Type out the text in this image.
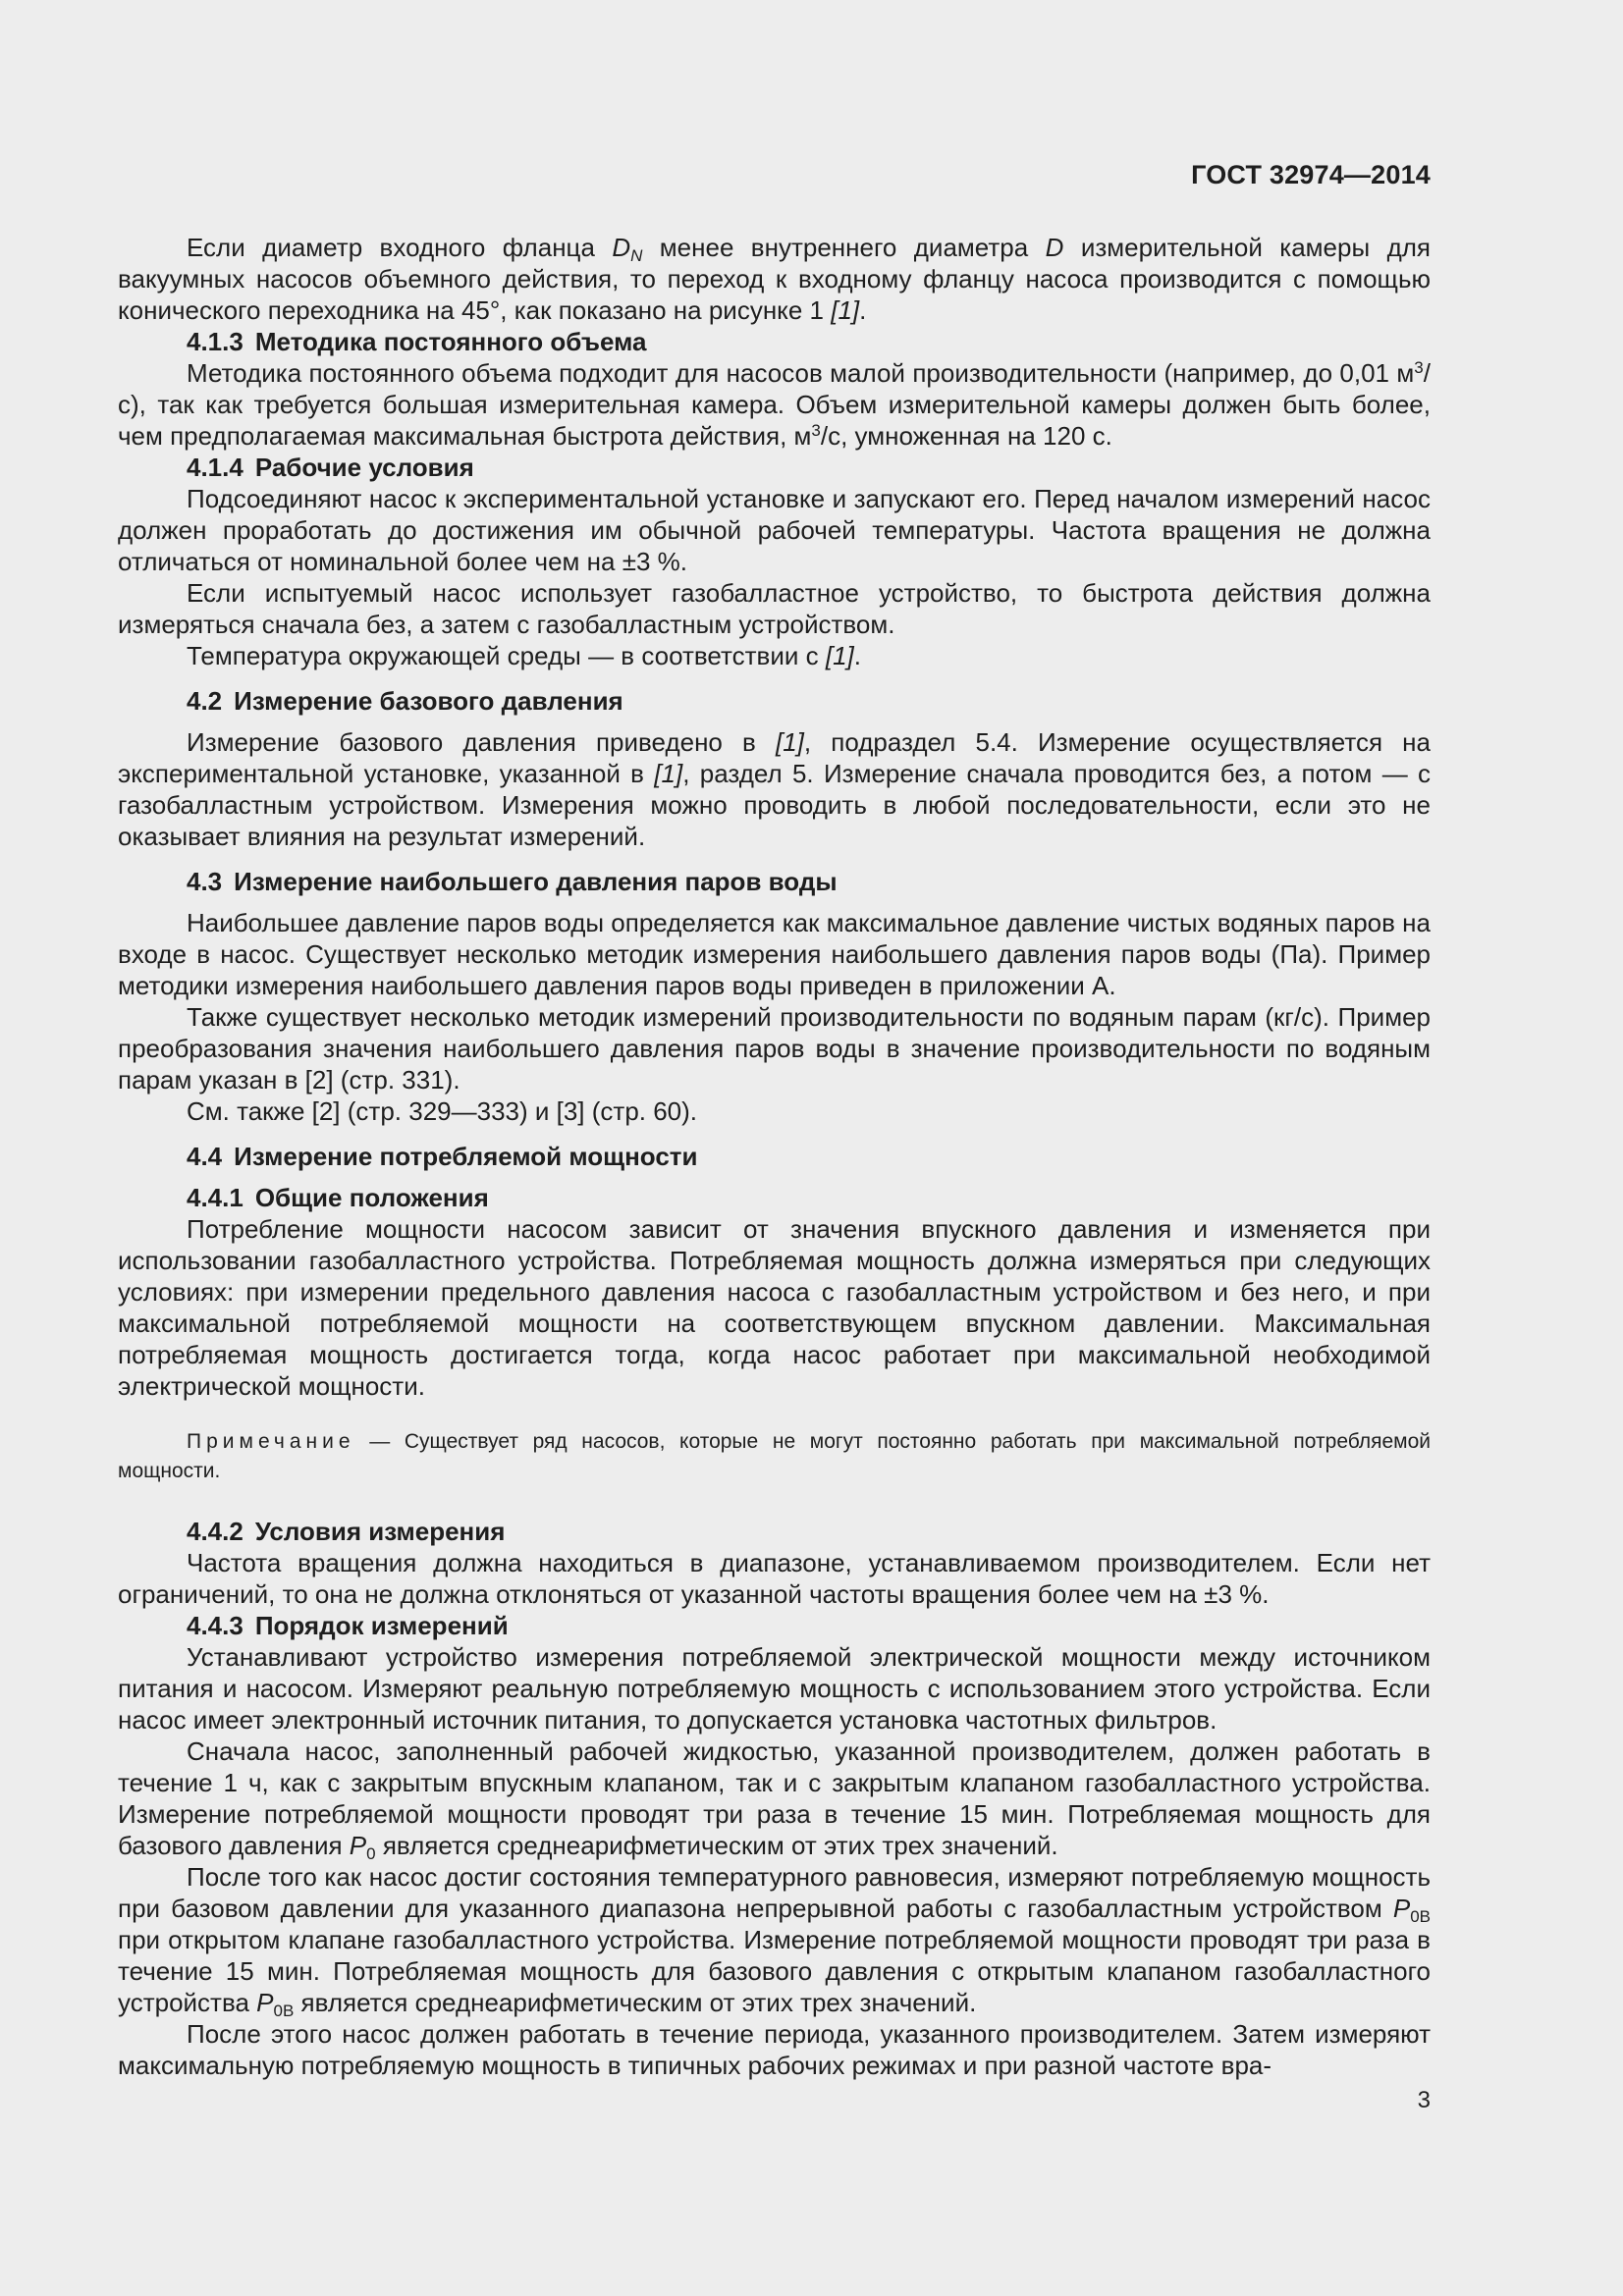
ГОСТ 32974—2014

Если диаметр входного фланца $D_N$ менее внутреннего диаметра D измерительной камеры для вакуумных насосов объемного действия, то переход к входному фланцу насоса производится с помощью конического переходника на 45°, как показано на рисунке 1 [1].

4.1.3 Методика постоянного объема

Методика постоянного объема подходит для насосов малой производительности (например, до 0,01 $м^3/с$), так как требуется большая измерительная камера. Объем измерительной камеры должен быть более, чем предполагаемая максимальная быстрота действия, $м^3/с$, умноженная на 120 с.

4.1.4 Рабочие условия

Подсоединяют насос к экспериментальной установке и запускают его. Перед началом измерений насос должен проработать до достижения им обычной рабочей температуры. Частота вращения не должна отличаться от номинальной более чем на ±3 %.

Если испытуемый насос использует газобалластное устройство, то быстрота действия должна измеряться сначала без, а затем с газобалластным устройством.

Температура окружающей среды — в соответствии с [1].

4.2 Измерение базового давления

Измерение базового давления приведено в [1], подраздел 5.4. Измерение осуществляется на экспериментальной установке, указанной в [1], раздел 5. Измерение сначала проводится без, а потом — с газобалластным устройством. Измерения можно проводить в любой последовательности, если это не оказывает влияния на результат измерений.

4.3 Измерение наибольшего давления паров воды

Наибольшее давление паров воды определяется как максимальное давление чистых водяных паров на входе в насос. Существует несколько методик измерения наибольшего давления паров воды (Па). Пример методики измерения наибольшего давления паров воды приведен в приложении А.

Также существует несколько методик измерений производительности по водяным парам (кг/с). Пример преобразования значения наибольшего давления паров воды в значение производительности по водяным парам указан в [2] (стр. 331).

См. также [2] (стр. 329—333) и [3] (стр. 60).

4.4 Измерение потребляемой мощности
4.4.1 Общие положения

Потребление мощности насосом зависит от значения впускного давления и изменяется при использовании газобалластного устройства. Потребляемая мощность должна измеряться при следующих условиях: при измерении предельного давления насоса с газобалластным устройством и без него, и при максимальной потребляемой мощности на соответствующем впускном давлении. Максимальная потребляемая мощность достигается тогда, когда насос работает при максимальной необходимой электрической мощности.

Примечание — Существует ряд насосов, которые не могут постоянно работать при максимальной потребляемой мощности.

4.4.2 Условия измерения

Частота вращения должна находиться в диапазоне, устанавливаемом производителем. Если нет ограничений, то она не должна отклоняться от указанной частоты вращения более чем на ±3 %.

4.4.3 Порядок измерений

Устанавливают устройство измерения потребляемой электрической мощности между источником питания и насосом. Измеряют реальную потребляемую мощность с использованием этого устройства. Если насос имеет электронный источник питания, то допускается установка частотных фильтров.

Сначала насос, заполненный рабочей жидкостью, указанной производителем, должен работать в течение 1 ч, как с закрытым впускным клапаном, так и с закрытым клапаном газобалластного устройства. Измерение потребляемой мощности проводят три раза в течение 15 мин. Потребляемая мощность для базового давления $P_0$ является среднеарифметическим от этих трех значений.

После того как насос достиг состояния температурного равновесия, измеряют потребляемую мощность при базовом давлении для указанного диапазона непрерывной работы с газобалластным устройством $P_{0B}$ при открытом клапане газобалластного устройства. Измерение потребляемой мощности проводят три раза в течение 15 мин. Потребляемая мощность для базового давления с открытым клапаном газобалластного устройства $P_{0B}$ является среднеарифметическим от этих трех значений.

После этого насос должен работать в течение периода, указанного производителем. Затем измеряют максимальную потребляемую мощность в типичных рабочих режимах и при разной частоте вра-

3
